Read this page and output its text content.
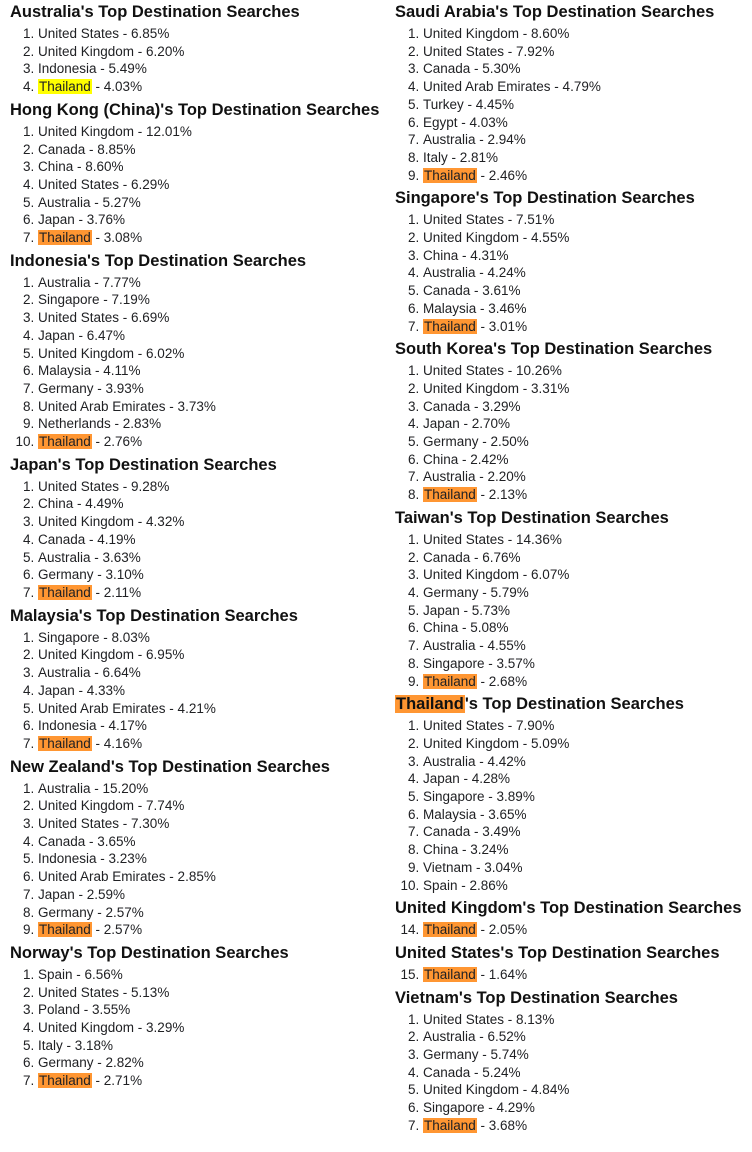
Australia's Top Destination Searches
1. United States - 6.85%
2. United Kingdom - 6.20%
3. Indonesia - 5.49%
4. Thailand - 4.03%
Hong Kong (China)'s Top Destination Searches
1. United Kingdom - 12.01%
2. Canada - 8.85%
3. China - 8.60%
4. United States - 6.29%
5. Australia - 5.27%
6. Japan - 3.76%
7. Thailand - 3.08%
Indonesia's Top Destination Searches
1. Australia - 7.77%
2. Singapore - 7.19%
3. United States - 6.69%
4. Japan - 6.47%
5. United Kingdom - 6.02%
6. Malaysia - 4.11%
7. Germany - 3.93%
8. United Arab Emirates - 3.73%
9. Netherlands - 2.83%
10. Thailand - 2.76%
Japan's Top Destination Searches
1. United States - 9.28%
2. China - 4.49%
3. United Kingdom - 4.32%
4. Canada - 4.19%
5. Australia - 3.63%
6. Germany - 3.10%
7. Thailand - 2.11%
Malaysia's Top Destination Searches
1. Singapore - 8.03%
2. United Kingdom - 6.95%
3. Australia - 6.64%
4. Japan - 4.33%
5. United Arab Emirates - 4.21%
6. Indonesia - 4.17%
7. Thailand - 4.16%
New Zealand's Top Destination Searches
1. Australia - 15.20%
2. United Kingdom - 7.74%
3. United States - 7.30%
4. Canada - 3.65%
5. Indonesia - 3.23%
6. United Arab Emirates - 2.85%
7. Japan - 2.59%
8. Germany - 2.57%
9. Thailand - 2.57%
Norway's Top Destination Searches
1. Spain - 6.56%
2. United States - 5.13%
3. Poland - 3.55%
4. United Kingdom - 3.29%
5. Italy - 3.18%
6. Germany - 2.82%
7. Thailand - 2.71%
Saudi Arabia's Top Destination Searches
1. United Kingdom - 8.60%
2. United States - 7.92%
3. Canada - 5.30%
4. United Arab Emirates - 4.79%
5. Turkey - 4.45%
6. Egypt - 4.03%
7. Australia - 2.94%
8. Italy - 2.81%
9. Thailand - 2.46%
Singapore's Top Destination Searches
1. United States - 7.51%
2. United Kingdom - 4.55%
3. China - 4.31%
4. Australia - 4.24%
5. Canada - 3.61%
6. Malaysia - 3.46%
7. Thailand - 3.01%
South Korea's Top Destination Searches
1. United States - 10.26%
2. United Kingdom - 3.31%
3. Canada - 3.29%
4. Japan - 2.70%
5. Germany - 2.50%
6. China - 2.42%
7. Australia - 2.20%
8. Thailand - 2.13%
Taiwan's Top Destination Searches
1. United States - 14.36%
2. Canada - 6.76%
3. United Kingdom - 6.07%
4. Germany - 5.79%
5. Japan - 5.73%
6. China - 5.08%
7. Australia - 4.55%
8. Singapore - 3.57%
9. Thailand - 2.68%
Thailand's Top Destination Searches
1. United States - 7.90%
2. United Kingdom - 5.09%
3. Australia - 4.42%
4. Japan - 4.28%
5. Singapore - 3.89%
6. Malaysia - 3.65%
7. Canada - 3.49%
8. China - 3.24%
9. Vietnam - 3.04%
10. Spain - 2.86%
United Kingdom's Top Destination Searches
14. Thailand - 2.05%
United States's Top Destination Searches
15. Thailand - 1.64%
Vietnam's Top Destination Searches
1. United States - 8.13%
2. Australia - 6.52%
3. Germany - 5.74%
4. Canada - 5.24%
5. United Kingdom - 4.84%
6. Singapore - 4.29%
7. Thailand - 3.68%
